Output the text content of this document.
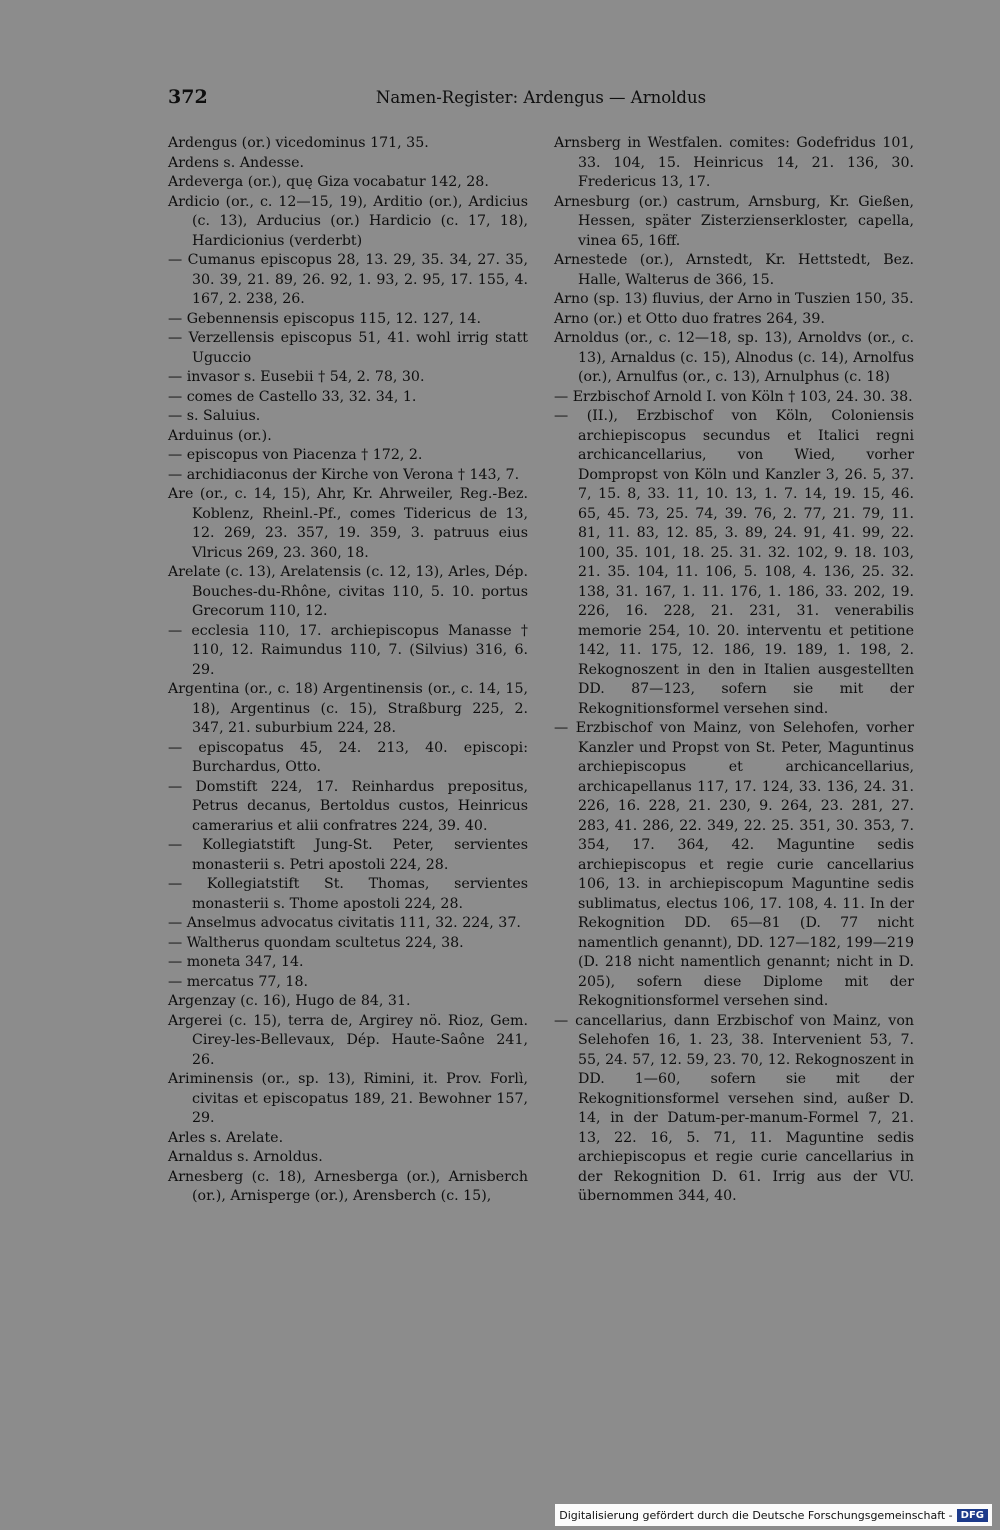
372	Namen-Register: Ardengus — Arnoldus

Ardengus (or.) vicedominus 171, 35.

Ardens s. Andesse.

Ardeverga (or.), quę Giza vocabatur 142, 28.

Ardicio (or., c. 12—15, 19), Arditio (or.), Ardicius (c. 13), Arducius (or.) Hardicio (c. 17, 18), Hardicionius (verderbt)

— Cumanus episcopus 28, 13. 29, 35. 34, 27. 35, 30. 39, 21. 89, 26. 92, 1. 93, 2. 95, 17. 155, 4. 167, 2. 238, 26.

— Gebennensis episcopus 115, 12. 127, 14.

— Verzellensis episcopus 51, 41. wohl irrig statt Uguccio

— invasor s. Eusebii † 54, 2. 78, 30.

— comes de Castello 33, 32. 34, 1.

— s. Saluius.

Arduinus (or.).

— episcopus von Piacenza † 172, 2.

— archidiaconus der Kirche von Verona † 143, 7.

Are (or., c. 14, 15), Ahr, Kr. Ahrweiler, Reg.-Bez. Koblenz, Rheinl.-Pf., comes Tidericus de 13, 12. 269, 23. 357, 19. 359, 3. patruus eius Vlricus 269, 23. 360, 18.

Arelate (c. 13), Arelatensis (c. 12, 13), Arles, Dép. Bouches-du-Rhône, civitas 110, 5. 10. portus Grecorum 110, 12.

— ecclesia 110, 17. archiepiscopus Manasse † 110, 12. Raimundus 110, 7. (Silvius) 316, 6. 29.

Argentina (or., c. 18) Argentinensis (or., c. 14, 15, 18), Argentinus (c. 15), Straßburg 225, 2. 347, 21. suburbium 224, 28.

— episcopatus 45, 24. 213, 40. episcopi: Burchardus, Otto.

— Domstift 224, 17. Reinhardus prepositus, Petrus decanus, Bertoldus custos, Heinricus camerarius et alii confratres 224, 39. 40.

— Kollegiatstift Jung-St. Peter, servientes monasterii s. Petri apostoli 224, 28.

— Kollegiatstift St. Thomas, servientes monasterii s. Thome apostoli 224, 28.

— Anselmus advocatus civitatis 111, 32. 224, 37.

— Waltherus quondam scultetus 224, 38.

— moneta 347, 14.

— mercatus 77, 18.

Argenzay (c. 16), Hugo de 84, 31.

Argerei (c. 15), terra de, Argirey nö. Rioz, Gem. Cirey-les-Bellevaux, Dép. Haute-Saône 241, 26.

Ariminensis (or., sp. 13), Rimini, it. Prov. Forlì, civitas et episcopatus 189, 21. Bewohner 157, 29.

Arles s. Arelate.

Arnaldus s. Arnoldus.

Arnesberg (c. 18), Arnesberga (or.), Arnisberch (or.), Arnisperge (or.), Arensberch (c. 15),

Arnsberg in Westfalen. comites: Godefridus 101, 33. 104, 15. Heinricus 14, 21. 136, 30. Fredericus 13, 17.

Arnesburg (or.) castrum, Arnsburg, Kr. Gießen, Hessen, später Zisterzienserkloster, capella, vinea 65, 16ff.

Arnestede (or.), Arnstedt, Kr. Hettstedt, Bez. Halle, Walterus de 366, 15.

Arno (sp. 13) fluvius, der Arno in Tuszien 150, 35.

Arno (or.) et Otto duo fratres 264, 39.

Arnoldus (or., c. 12—18, sp. 13), Arnoldvs (or., c. 13), Arnaldus (c. 15), Alnodus (c. 14), Arnolfus (or.), Arnulfus (or., c. 13), Arnulphus (c. 18)

— Erzbischof Arnold I. von Köln † 103, 24. 30. 38.

— (II.), Erzbischof von Köln, Coloniensis archiepiscopus secundus et Italici regni archicancellarius, von Wied, vorher Dompropst von Köln und Kanzler 3, 26. 5, 37. 7, 15. 8, 33. 11, 10. 13, 1. 7. 14, 19. 15, 46. 65, 45. 73, 25. 74, 39. 76, 2. 77, 21. 79, 11. 81, 11. 83, 12. 85, 3. 89, 24. 91, 41. 99, 22. 100, 35. 101, 18. 25. 31. 32. 102, 9. 18. 103, 21. 35. 104, 11. 106, 5. 108, 4. 136, 25. 32. 138, 31. 167, 1. 11. 176, 1. 186, 33. 202, 19. 226, 16. 228, 21. 231, 31. venerabilis memorie 254, 10. 20. interventu et petitione 142, 11. 175, 12. 186, 19. 189, 1. 198, 2. Rekognoszent in den in Italien ausgestellten DD. 87—123, sofern sie mit der Rekognitionsformel versehen sind.

— Erzbischof von Mainz, von Selehofen, vorher Kanzler und Propst von St. Peter, Maguntinus archiepiscopus et archicancellarius, archicapellanus 117, 17. 124, 33. 136, 24. 31. 226, 16. 228, 21. 230, 9. 264, 23. 281, 27. 283, 41. 286, 22. 349, 22. 25. 351, 30. 353, 7. 354, 17. 364, 42. Maguntine sedis archiepiscopus et regie curie cancellarius 106, 13. in archiepiscopum Maguntine sedis sublimatus, electus 106, 17. 108, 4. 11. In der Rekognition DD. 65—81 (D. 77 nicht namentlich genannt), DD. 127—182, 199—219 (D. 218 nicht namentlich genannt; nicht in D. 205), sofern diese Diplome mit der Rekognitionsformel versehen sind.

— cancellarius, dann Erzbischof von Mainz, von Selehofen 16, 1. 23, 38. Intervenient 53, 7. 55, 24. 57, 12. 59, 23. 70, 12. Rekognoszent in DD. 1—60, sofern sie mit der Rekognitionsformel versehen sind, außer D. 14, in der Datum-per-manum-Formel 7, 21. 13, 22. 16, 5. 71, 11. Maguntine sedis archiepiscopus et regie curie cancellarius in der Rekognition D. 61. Irrig aus der VU. übernommen 344, 40.

Digitalisierung gefördert durch die Deutsche Forschungsgemeinschaft - DFG
